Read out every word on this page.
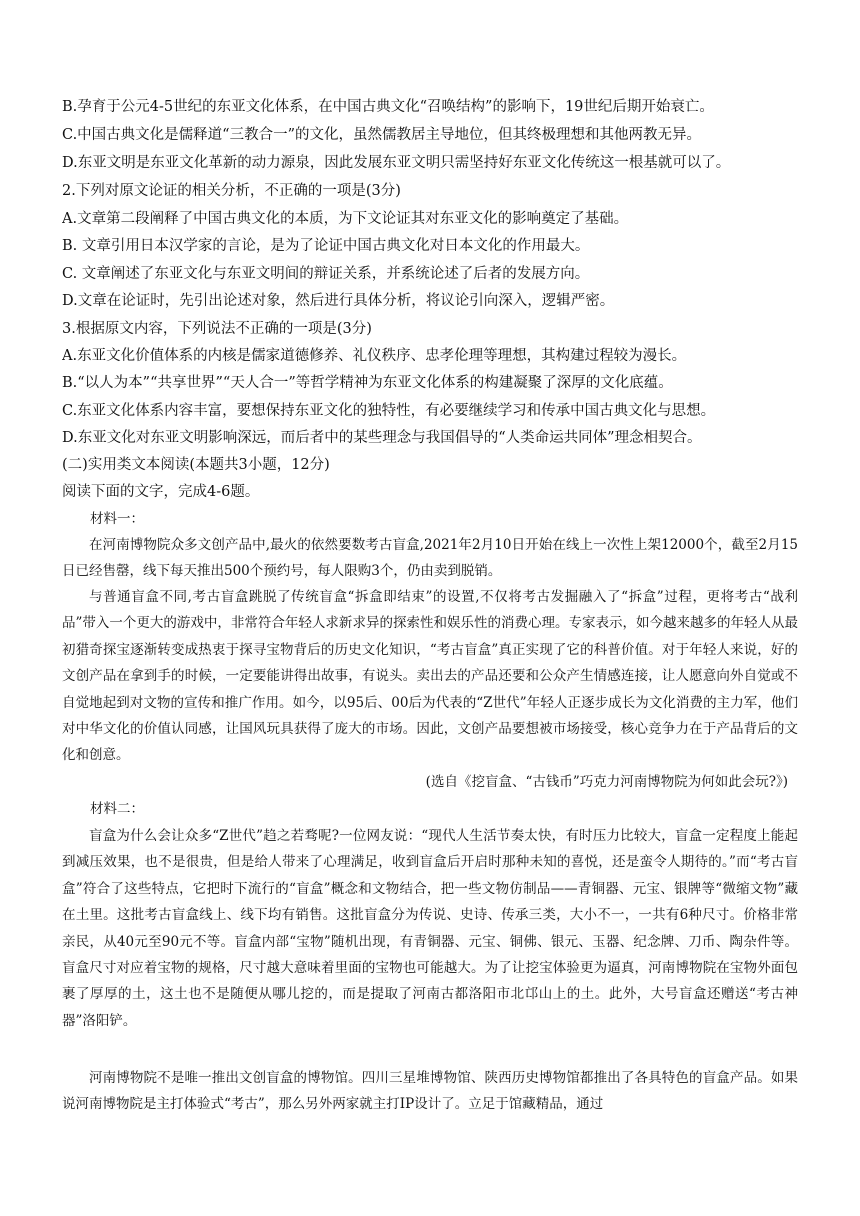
B.孕育于公元4-5世纪的东亚文化体系，在中国古典文化“召唤结构”的影响下，19世纪后期开始衰亡。
C.中国古典文化是儒释道“三教合一”的文化，虽然儒教居主导地位，但其终极理想和其他两教无异。
D.东亚文明是东亚文化革新的动力源泉，因此发展东亚文明只需坚持好东亚文化传统这一根基就可以了。
2.下列对原文论证的相关分析，不正确的一项是(3分)
A.文章第二段阐释了中国古典文化的本质，为下文论证其对东亚文化的影响奠定了基础。
B. 文章引用日本汉学家的言论，是为了论证中国古典文化对日本文化的作用最大。
C. 文章阐述了东亚文化与东亚文明间的辩证关系，并系统论述了后者的发展方向。
D.文章在论证时，先引出论述对象，然后进行具体分析，将议论引向深入，逻辑严密。
3.根据原文内容，下列说法不正确的一项是(3分)
A.东亚文化价值体系的内核是儒家道德修养、礼仪秩序、忠孝伦理等理想，其构建过程较为漫长。
B.“以人为本”“共享世界”“天人合一”等哲学精神为东亚文化体系的构建凝聚了深厚的文化底蕴。
C.东亚文化体系内容丰富，要想保持东亚文化的独特性，有必要继续学习和传承中国古典文化与思想。
D.东亚文化对东亚文明影响深远，而后者中的某些理念与我国倡导的“人类命运共同体”理念相契合。
(二)实用类文本阅读(本题共3小题，12分)
阅读下面的文字，完成4-6题。
材料一：
在河南博物院众多文创产品中,最火的依然要数考古盲盒,2021年2月10日开始在线上一次性上架12000个，截至2月15日已经售罄，线下每天推出500个预约号，每人限购3个，仍由卖到脱销。
与普通盲盒不同,考古盲盒跳脱了传统盲盒“拆盒即结束”的设置,不仅将考古发掘融入了“拆盒”过程，更将考古“战利品”带入一个更大的游戏中，非常符合年轻人求新求异的探索性和娱乐性的消费心理。专家表示，如今越来越多的年轻人从最初猎奇探宝逐渐转变成热衷于探寻宝物背后的历史文化知识，“考古盲盒”真正实现了它的科普价值。对于年轻人来说，好的文创产品在拿到手的时候，一定要能讲得出故事，有说头。卖出去的产品还要和公众产生情感连接，让人愿意向外自觉或不自觉地起到对文物的宣传和推广作用。如今，以95后、00后为代表的“Z世代”年轻人正逐步成长为文化消费的主力军，他们对中华文化的价值认同感，让国风玩具获得了庞大的市场。因此，文创产品要想被市场接受，核心竞争力在于产品背后的文化和创意。
(选自《挖盲盒、“古钱币”巧克力河南博物院为何如此会玩?》)
材料二：
盲盒为什么会让众多“Z世代”趋之若骛呢?一位网友说：“现代人生活节奏太快，有时压力比较大，盲盒一定程度上能起到减压效果，也不是很贵，但是给人带来了心理满足，收到盲盒后开启时那种未知的喜悦，还是蛮令人期待的。”而“考古盲盒”符合了这些特点，它把时下流行的“盲盒”概念和文物结合，把一些文物仿制品——青铜器、元宝、银牌等“微缩文物”藏在土里。这批考古盲盒线上、线下均有销售。这批盲盒分为传说、史诗、传承三类，大小不一，一共有6种尺寸。价格非常亲民，从40元至90元不等。盲盒内部“宝物”随机出现，有青铜器、元宝、铜佛、银元、玉器、纪念牌、刀币、陶杂件等。盲盒尺寸对应着宝物的规格，尺寸越大意味着里面的宝物也可能越大。为了让挖宝体验更为逼真，河南博物院在宝物外面包裹了厚厚的土，这土也不是随便从哪儿挖的，而是提取了河南古都洛阳市北邙山上的土。此外，大号盲盒还赠送“考古神器”洛阳铲。
河南博物院不是唯一推出文创盲盒的博物馆。四川三星堆博物馆、陕西历史博物馆都推出了各具特色的盲盒产品。如果说河南博物院是主打体验式“考古”，那么另外两家就主打IP设计了。立足于馆藏精品，通过
